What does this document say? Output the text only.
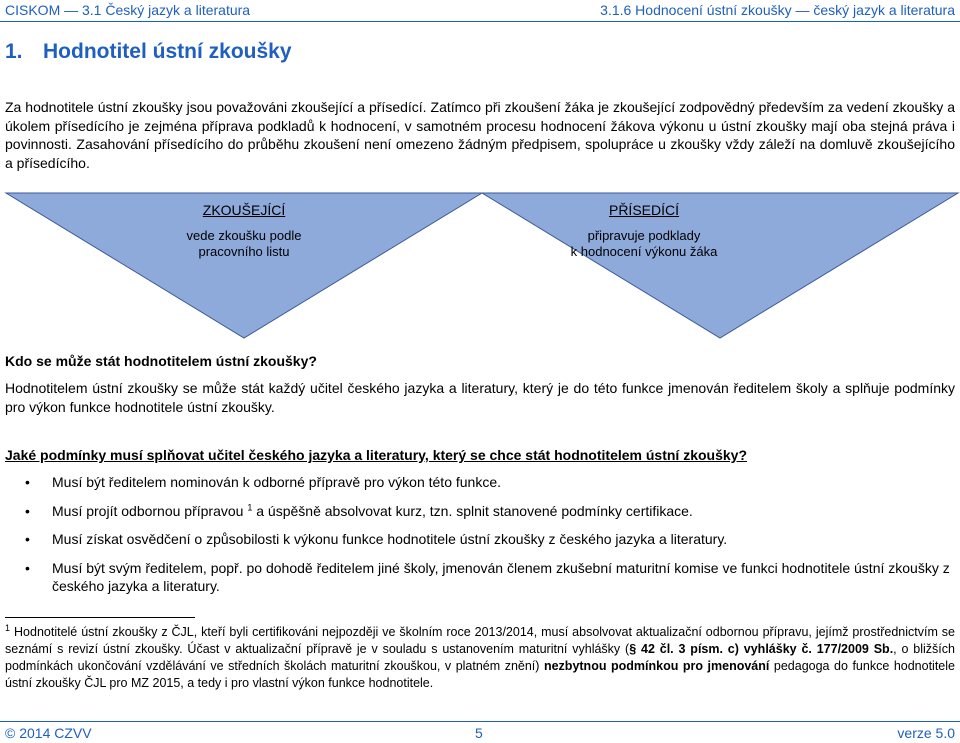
CISKOM — 3.1 Český jazyk a literatura	3.1.6 Hodnocení ústní zkoušky — český jazyk a literatura
1. Hodnotitel ústní zkoušky
Za hodnotitele ústní zkoušky jsou považováni zkoušející a přísedící. Zatímco při zkoušení žáka je zkoušející zodpovědný především za vedení zkoušky a úkolem přísedícího je zejména příprava podkladů k hodnocení, v samotném procesu hodnocení žákova výkonu u ústní zkoušky mají oba stejná práva i povinnosti. Zasahování přísedícího do průběhu zkoušení není omezeno žádným předpisem, spolupráce u zkoušky vždy záleží na domluvě zkoušejícího a přísedícího.
ZKOUŠEJÍCÍ
vede zkoušku podle
pracovního listu
PŘÍSEDÍCÍ
připravuje podklady
k hodnocení výkonu žáka
Kdo se může stát hodnotitelem ústní zkoušky?
Hodnotitelem ústní zkoušky se může stát každý učitel českého jazyka a literatury, který je do této funkce jmenován ředitelem školy a splňuje podmínky pro výkon funkce hodnotitele ústní zkoušky.
Jaké podmínky musí splňovat učitel českého jazyka a literatury, který se chce stát hodnotitelem ústní zkoušky?
• Musí být ředitelem nominován k odborné přípravě pro výkon této funkce.
• Musí projít odbornou přípravou $^1$ a úspěšně absolvovat kurz, tzn. splnit stanovené podmínky certifikace.
• Musí získat osvědčení o způsobilosti k výkonu funkce hodnotitele ústní zkoušky z českého jazyka a literatury.
• Musí být svým ředitelem, popř. po dohodě ředitelem jiné školy, jmenován členem zkušební maturitní komise ve funkci hodnotitele ústní zkoušky z českého jazyka a literatury.
$^1$ Hodnotitelé ústní zkoušky z ČJL, kteří byli certifikováni nejpozději ve školním roce 2013/2014, musí absolvovat aktualizační odbornou přípravu, jejímž prostřednictvím se seznámí s revizí ústní zkoušky. Účast v aktualizační přípravě je v souladu s ustanovením maturitní vyhlášky (§ 42 čl. 3 písm. c) vyhlášky č. 177/2009 Sb., o bližších podmínkách ukončování vzdělávání ve středních školách maturitní zkouškou, v platném znění) nezbytnou podmínkou pro jmenování pedagoga do funkce hodnotitele ústní zkoušky ČJL pro MZ 2015, a tedy i pro vlastní výkon funkce hodnotitele.
© 2014 CZVV	5	verze 5.0
